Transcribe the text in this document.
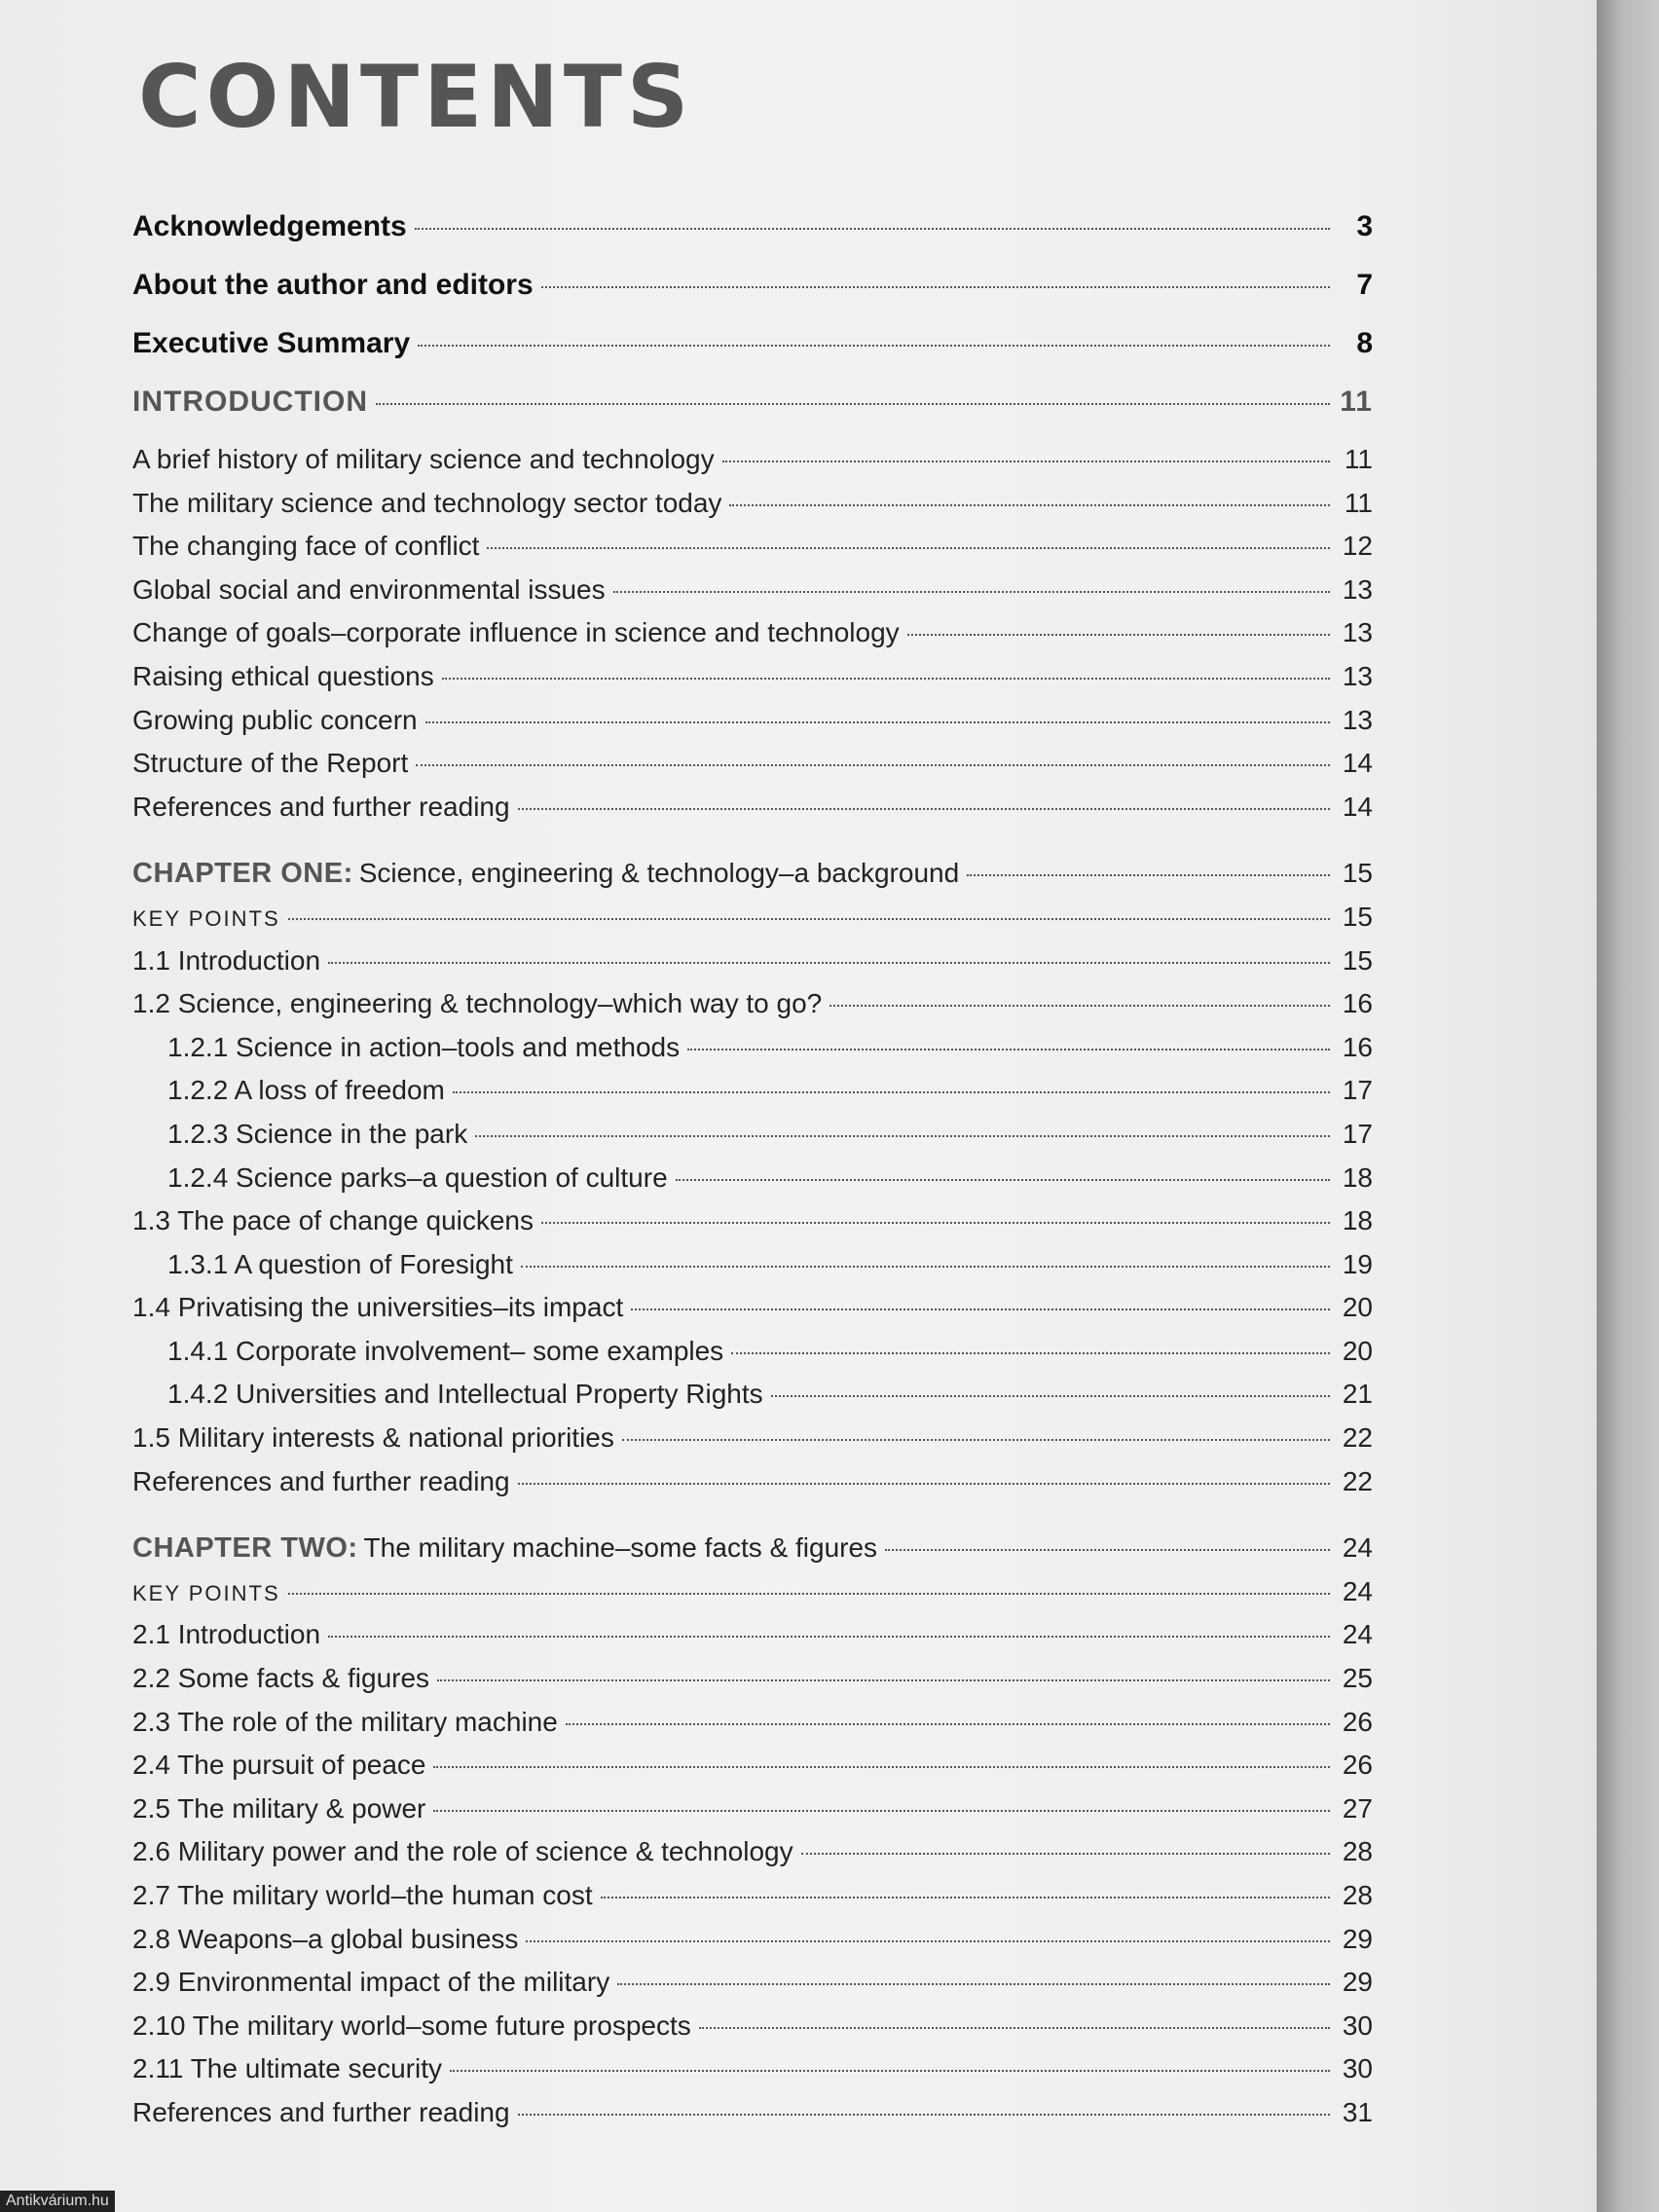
CONTENTS
Acknowledgements	3
About the author and editors	7
Executive Summary	8
INTRODUCTION	11
A brief history of military science and technology	11
The military science and technology sector today	11
The changing face of conflict	12
Global social and environmental issues	13
Change of goals–corporate influence in science and technology	13
Raising ethical questions	13
Growing public concern	13
Structure of the Report	14
References and further reading	14
CHAPTER ONE: Science, engineering & technology–a background	15
KEY POINTS	15
1.1 Introduction	15
1.2 Science, engineering & technology–which way to go?	16
1.2.1 Science in action–tools and methods	16
1.2.2 A loss of freedom	17
1.2.3 Science in the park	17
1.2.4 Science parks–a question of culture	18
1.3 The pace of change quickens	18
1.3.1 A question of Foresight	19
1.4 Privatising the universities–its impact	20
1.4.1 Corporate involvement– some examples	20
1.4.2 Universities and Intellectual Property Rights	21
1.5 Military interests & national priorities	22
References and further reading	22
CHAPTER TWO: The military machine–some facts & figures	24
KEY POINTS	24
2.1 Introduction	24
2.2 Some facts & figures	25
2.3 The role of the military machine	26
2.4 The pursuit of peace	26
2.5 The military & power	27
2.6 Military power and the role of science & technology	28
2.7 The military world–the human cost	28
2.8 Weapons–a global business	29
2.9 Environmental impact of the military	29
2.10 The military world–some future prospects	30
2.11 The ultimate security	30
References and further reading	31
Antikvárium.hu
